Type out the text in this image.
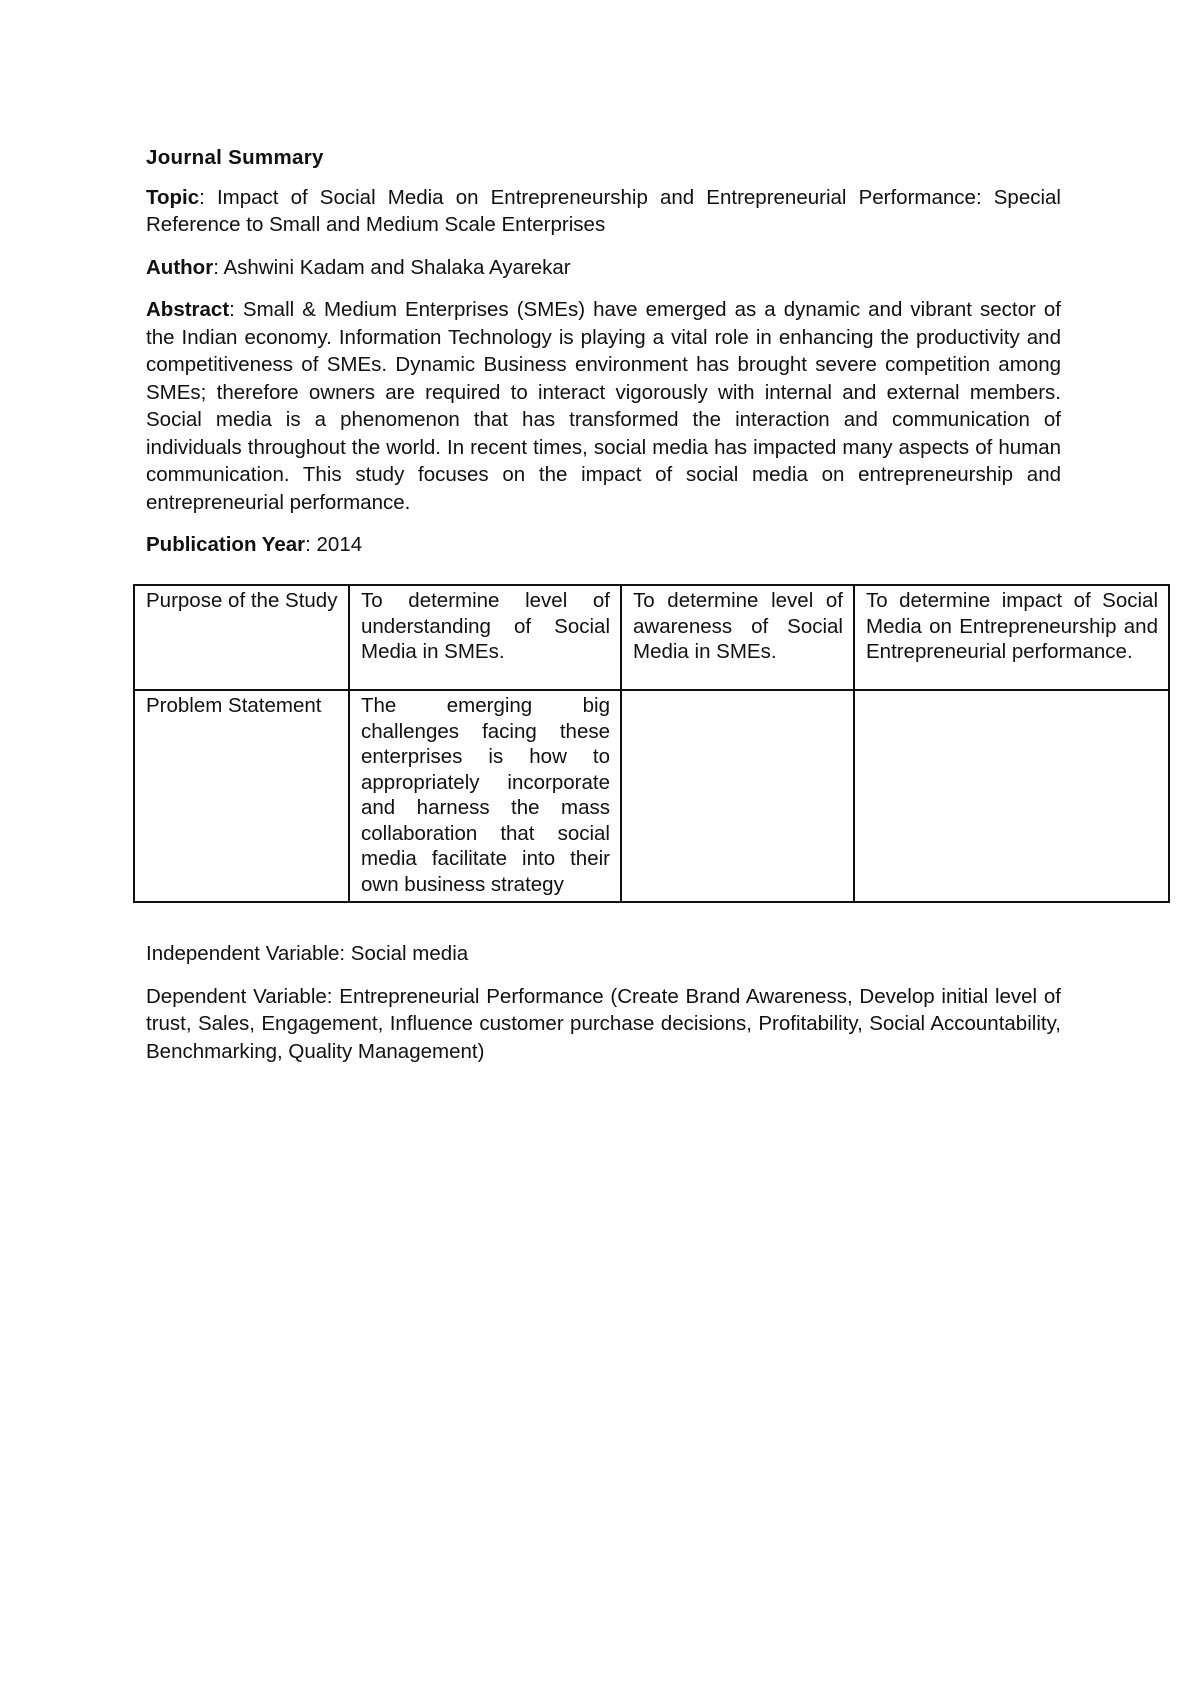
Journal Summary

Topic: Impact of Social Media on Entrepreneurship and Entrepreneurial Performance: Special Reference to Small and Medium Scale Enterprises

Author: Ashwini Kadam and Shalaka Ayarekar

Abstract: Small & Medium Enterprises (SMEs) have emerged as a dynamic and vibrant sector of the Indian economy. Information Technology is playing a vital role in enhancing the productivity and competitiveness of SMEs. Dynamic Business environment has brought severe competition among SMEs; therefore owners are required to interact vigorously with internal and external members. Social media is a phenomenon that has transformed the interaction and communication of individuals throughout the world. In recent times, social media has impacted many aspects of human communication. This study focuses on the impact of social media on entrepreneurship and entrepreneurial performance.

Publication Year: 2014

Purpose of the Study	To determine level of understanding of Social Media in SMEs.	To determine level of awareness of Social Media in SMEs.	To determine impact of Social Media on Entrepreneurship and Entrepreneurial performance.
Problem Statement	The emerging big challenges facing these enterprises is how to appropriately incorporate and harness the mass collaboration that social media facilitate into their own business strategy		

Independent Variable: Social media

Dependent Variable: Entrepreneurial Performance (Create Brand Awareness, Develop initial level of trust, Sales, Engagement, Influence customer purchase decisions, Profitability, Social Accountability, Benchmarking, Quality Management)
